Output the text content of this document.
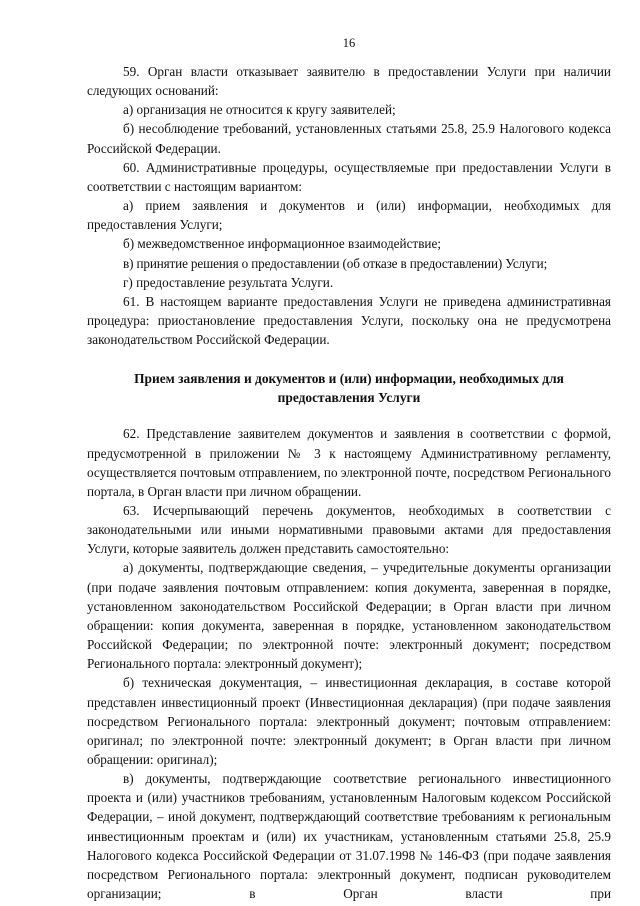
16

59. Орган власти отказывает заявителю в предоставлении Услуги при наличии следующих оснований:

а) организация не относится к кругу заявителей;

б) несоблюдение требований, установленных статьями 25.8, 25.9 Налогового кодекса Российской Федерации.

60. Административные процедуры, осуществляемые при предоставлении Услуги в соответствии с настоящим вариантом:

а) прием заявления и документов и (или) информации, необходимых для предоставления Услуги;

б) межведомственное информационное взаимодействие;

в) принятие решения о предоставлении (об отказе в предоставлении) Услуги;

г) предоставление результата Услуги.

61. В настоящем варианте предоставления Услуги не приведена административная процедура: приостановление предоставления Услуги, поскольку она не предусмотрена законодательством Российской Федерации.

Прием заявления и документов и (или) информации, необходимых для предоставления Услуги

62. Представление заявителем документов и заявления в соответствии с формой, предусмотренной в приложении № 3 к настоящему Административному регламенту, осуществляется почтовым отправлением, по электронной почте, посредством Регионального портала, в Орган власти при личном обращении.

63. Исчерпывающий перечень документов, необходимых в соответствии с законодательными или иными нормативными правовыми актами для предоставления Услуги, которые заявитель должен представить самостоятельно:

а) документы, подтверждающие сведения, – учредительные документы организации (при подаче заявления почтовым отправлением: копия документа, заверенная в порядке, установленном законодательством Российской Федерации; в Орган власти при личном обращении: копия документа, заверенная в порядке, установленном законодательством Российской Федерации; по электронной почте: электронный документ; посредством Регионального портала: электронный документ);

б) техническая документация, – инвестиционная декларация, в составе которой представлен инвестиционный проект (Инвестиционная декларация) (при подаче заявления посредством Регионального портала: электронный документ; почтовым отправлением: оригинал; по электронной почте: электронный документ; в Орган власти при личном обращении: оригинал);

в) документы, подтверждающие соответствие регионального инвестиционного проекта и (или) участников требованиям, установленным Налоговым кодексом Российской Федерации, – иной документ, подтверждающий соответствие требованиям к региональным инвестиционным проектам и (или) их участникам, установленным статьями 25.8, 25.9 Налогового кодекса Российской Федерации от 31.07.1998 № 146-ФЗ (при подаче заявления посредством Регионального портала: электронный документ, подписан руководителем организации; в Орган власти при
